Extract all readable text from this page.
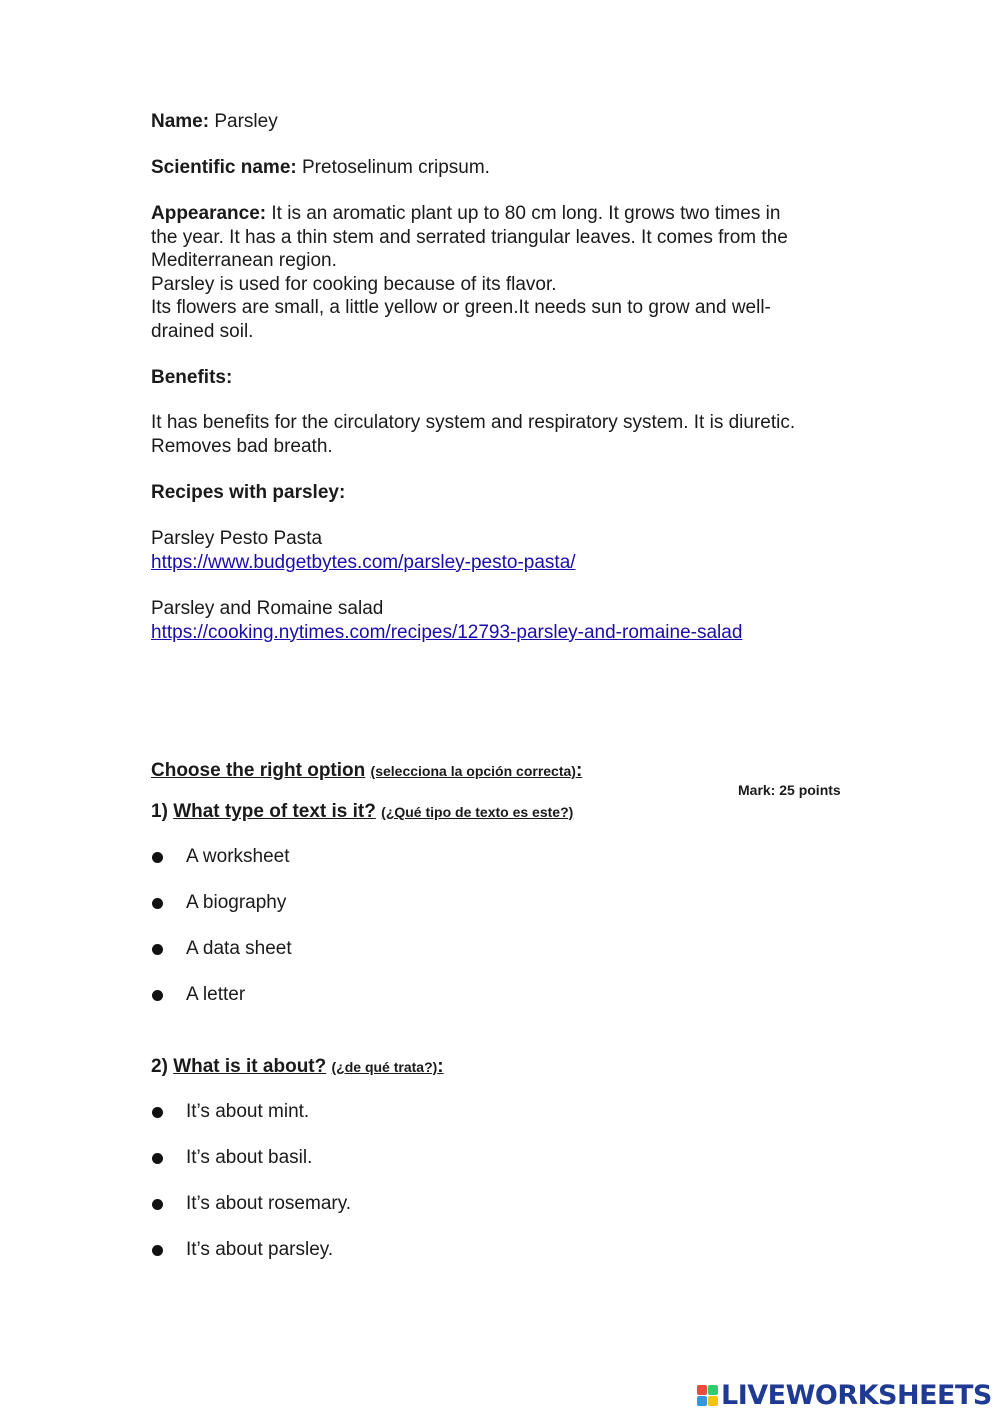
Name: Parsley
Scientific name: Pretoselinum cripsum.
Appearance: It is an aromatic plant up to 80 cm long. It grows two times in
the year. It has a thin stem and serrated triangular leaves. It comes from the
Mediterranean region.
Parsley is used for cooking because of its flavor.
Its flowers are small, a little yellow or green.It needs sun to grow and well-
drained soil.
Benefits:
It has benefits for the circulatory system and respiratory system. It is diuretic.
Removes bad breath.
Recipes with parsley:
Parsley Pesto Pasta
https://www.budgetbytes.com/parsley-pesto-pasta/
Parsley and Romaine salad
https://cooking.nytimes.com/recipes/12793-parsley-and-romaine-salad
Choose the right option (selecciona la opción correcta):
Mark: 25 points
1) What type of text is it? (¿Qué tipo de texto es este?)
A worksheet
A biography
A data sheet
A letter
2) What is it about? (¿de qué trata?):
It’s about mint.
It’s about basil.
It’s about rosemary.
It’s about parsley.
LIVEWORKSHEETS
